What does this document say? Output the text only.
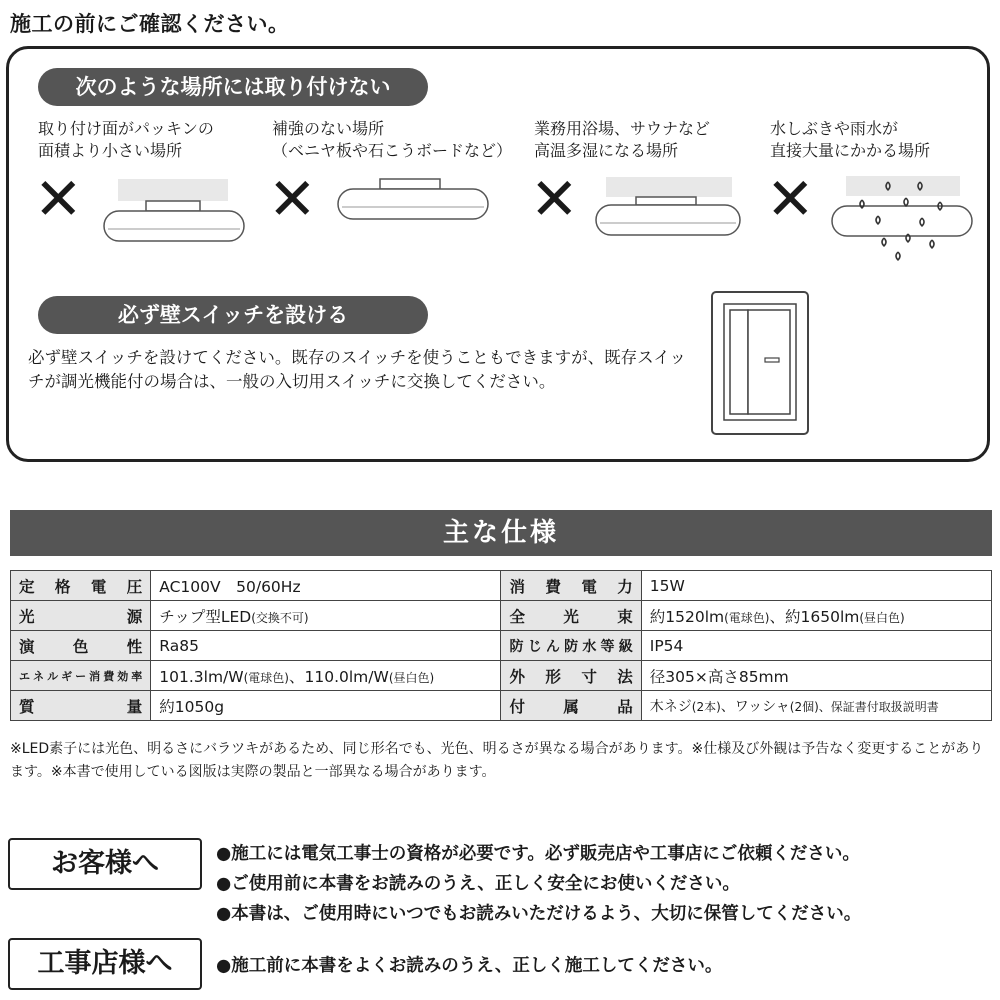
施工の前にご確認ください。
次のような場所には取り付けない
取り付け面がパッキンの
面積より小さい場所
補強のない場所
（ベニヤ板や石こうボードなど）
業務用浴場、サウナなど
高温多湿になる場所
水しぶきや雨水が
直接大量にかかる場所
✕	✕	✕	✕
必ず壁スイッチを設ける
必ず壁スイッチを設けてください。既存のスイッチを使うこともできますが、既存スイッチが調光機能付の場合は、一般の入切用スイッチに交換してください。
主な仕様
定格電圧	AC100V　50/60Hz	消費電力	15W
光　　源	チップ型LED(交換不可)	全 光 束	約1520lm(電球色)、約1650lm(昼白色)
演 色 性	Ra85	防じん防水等級	IP54
エネルギー消費効率	101.3lm/W(電球色)、110.0lm/W(昼白色)	外形寸法	径305×高さ85mm
質　　量	約1050g	付 属 品	木ネジ(2本)、ワッシャ(2個)、保証書付取扱説明書
※LED素子には光色、明るさにバラツキがあるため、同じ形名でも、光色、明るさが異なる場合があります。※仕様及び外観は予告なく変更することがあります。※本書で使用している図版は実際の製品と一部異なる場合があります。
お客様へ	●施工には電気工事士の資格が必要です。必ず販売店や工事店にご依頼ください。
●ご使用前に本書をお読みのうえ、正しく安全にお使いください。
●本書は、ご使用時にいつでもお読みいただけるよう、大切に保管してください。
工事店様へ	●施工前に本書をよくお読みのうえ、正しく施工してください。
